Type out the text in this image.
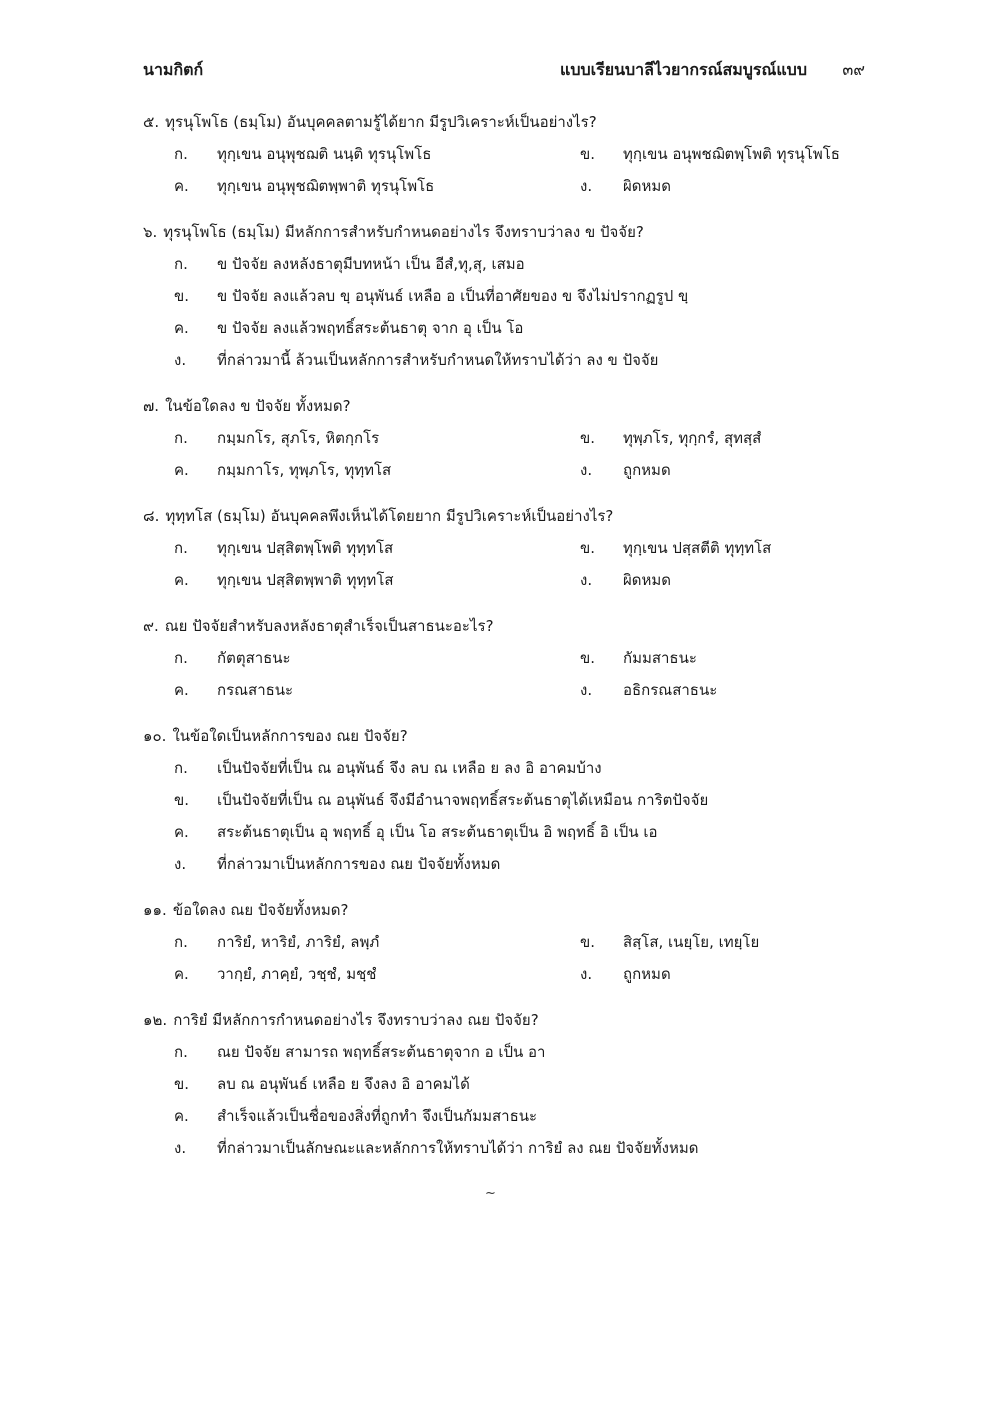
นามกิตก์	แบบเรียนบาลีไวยากรณ์สมบูรณ์แบบ ๓๙
๕. ทุรนุโพโธ (ธมฺโม) อันบุคคลตามรู้ได้ยาก มีรูปวิเคราะห์เป็นอย่างไร?
ก. ทุกฺเขน อนุพุชฌติ นนฺติ ทุรนุโพโธ	ข. ทุกฺเขน อนุพชฌิตพฺโพติ ทุรนุโพโธ
ค. ทุกฺเขน อนุพุชฌิตพฺพาติ ทุรนุโพโธ	ง. ผิดหมด
๖. ทุรนุโพโธ (ธมฺโม) มีหลักการสำหรับกำหนดอย่างไร จึงทราบว่าลง ข ปัจจัย?
ก. ข ปัจจัย ลงหลังธาตุมีบทหน้า เป็น อีสํ,ทุ,สุ, เสมอ
ข. ข ปัจจัย ลงแล้วลบ ขฺ อนุพันธ์ เหลือ อ เป็นที่อาศัยของ ข จึงไม่ปรากฏรูป ขฺ
ค. ข ปัจจัย ลงแล้วพฤทธิ์สระต้นธาตุ จาก อุ เป็น โอ
ง. ที่กล่าวมานี้ ล้วนเป็นหลักการสำหรับกำหนดให้ทราบได้ว่า ลง ข ปัจจัย
๗. ในข้อใดลง ข ปัจจัย ทั้งหมด?
ก. กมฺมกโร, สุภโร, หิตกฺกโร	ข. ทุพฺภโร, ทุกฺกรํ, สุทสฺสํ
ค. กมฺมกาโร, ทุพฺภโร, ทุทฺทโส	ง. ถูกหมด
๘. ทุทฺทโส (ธมฺโม) อันบุคคลพึงเห็นได้โดยยาก มีรูปวิเคราะห์เป็นอย่างไร?
ก. ทุกฺเขน ปสฺสิตพฺโพติ ทุทฺทโส	ข. ทุกฺเขน ปสฺสตีติ ทุทฺทโส
ค. ทุกฺเขน ปสฺสิตพฺพาติ ทุทฺทโส	ง. ผิดหมด
๙. ณย ปัจจัยสำหรับลงหลังธาตุสำเร็จเป็นสาธนะอะไร?
ก. กัตตุสาธนะ	ข. กัมมสาธนะ
ค. กรณสาธนะ	ง. อธิกรณสาธนะ
๑๐. ในข้อใดเป็นหลักการของ ณย ปัจจัย?
ก. เป็นปัจจัยที่เป็น ณ อนุพันธ์ จึง ลบ ณ เหลือ ย ลง อิ อาคมบ้าง
ข. เป็นปัจจัยที่เป็น ณ อนุพันธ์ จึงมีอำนาจพฤทธิ์สระต้นธาตุได้เหมือน การิตปัจจัย
ค. สระต้นธาตุเป็น อุ พฤทธิ์ อุ เป็น โอ สระต้นธาตุเป็น อิ พฤทธิ์ อิ เป็น เอ
ง. ที่กล่าวมาเป็นหลักการของ ณย ปัจจัยทั้งหมด
๑๑. ข้อใดลง ณย ปัจจัยทั้งหมด?
ก. การิยํ, หาริยํ, ภาริยํ, ลพฺภํ	ข. สิสฺโส, เนยฺโย, เทยฺโย
ค. วากฺยํ, ภาคฺยํ, วชฺชํ, มชฺชํ	ง. ถูกหมด
๑๒. การิยํ มีหลักการกำหนดอย่างไร จึงทราบว่าลง ณย ปัจจัย?
ก. ณย ปัจจัย สามารถ พฤทธิ์สระต้นธาตุจาก อ เป็น อา
ข. ลบ ณ อนุพันธ์ เหลือ ย จึงลง อิ อาคมได้
ค. สำเร็จแล้วเป็นชื่อของสิ่งที่ถูกทำ จึงเป็นกัมมสาธนะ
ง. ที่กล่าวมาเป็นลักษณะและหลักการให้ทราบได้ว่า การิยํ ลง ณย ปัจจัยทั้งหมด
~
